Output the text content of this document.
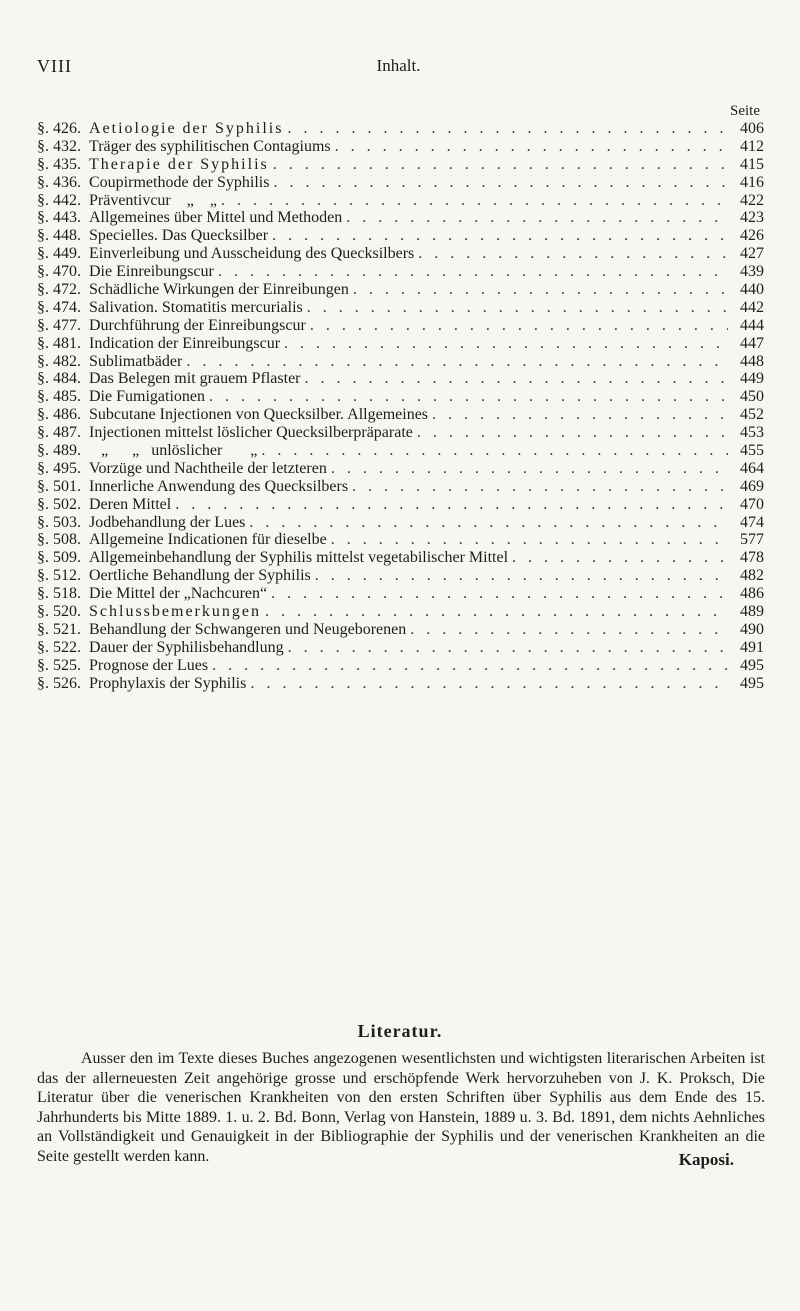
VIII	Inhalt.
Seite
§. 426. Aetiologie der Syphilis . . .	406
§. 432. Träger des syphilitischen Contagiums . . .	412
§. 435. Therapie der Syphilis . . .	415
§. 436. Coupirmethode der Syphilis . . .	416
§. 442. Präventivcur    „    „ . . .	422
§. 443. Allgemeines über Mittel und Methoden . . .	423
§. 448. Specielles. Das Quecksilber . . .	426
§. 449. Einverleibung und Ausscheidung des Quecksilbers . . .	427
§. 470. Die Einreibungscur . . .	439
§. 472. Schädliche Wirkungen der Einreibungen . . .	440
§. 474. Salivation. Stomatitis mercurialis . . .	442
§. 477. Durchführung der Einreibungscur . . .	444
§. 481. Indication der Einreibungscur . . .	447
§. 482. Sublimatbäder . . .	448
§. 484. Das Belegen mit grauem Pflaster . . .	449
§. 485. Die Fumigationen . . .	450
§. 486. Subcutane Injectionen von Quecksilber. Allgemeines . . .	452
§. 487. Injectionen mittelst löslicher Quecksilberpräparate . . .	453
§. 489. „      „   unlöslicher       „ . . .	455
§. 495. Vorzüge und Nachtheile der letzteren . . .	464
§. 501. Innerliche Anwendung des Quecksilbers . . .	469
§. 502. Deren Mittel . . .	470
§. 503. Jodbehandlung der Lues . . .	474
§. 508. Allgemeine Indicationen für dieselbe . . .	577
§. 509. Allgemeinbehandlung der Syphilis mittelst vegetabilischer Mittel . . .	478
§. 512. Oertliche Behandlung der Syphilis . . .	482
§. 518. Die Mittel der „Nachcuren“ . . .	486
§. 520. Schlussbemerkungen . . .	489
§. 521. Behandlung der Schwangeren und Neugeborenen . . .	490
§. 522. Dauer der Syphilisbehandlung . . .	491
§. 525. Prognose der Lues . . .	495
§. 526. Prophylaxis der Syphilis . . .	495
Literatur.
Ausser den im Texte dieses Buches angezogenen wesentlichsten und wichtigsten literarischen Arbeiten ist das der allerneuesten Zeit angehörige grosse und erschöpfende Werk hervorzuheben von J. K. Proksch, Die Literatur über die venerischen Krankheiten von den ersten Schriften über Syphilis aus dem Ende des 15. Jahrhunderts bis Mitte 1889. 1. u. 2. Bd. Bonn, Verlag von Hanstein, 1889 u. 3. Bd. 1891, dem nichts Aehnliches an Vollständigkeit und Genauigkeit in der Bibliographie der Syphilis und der venerischen Krankheiten an die Seite gestellt werden kann.	Kaposi.
